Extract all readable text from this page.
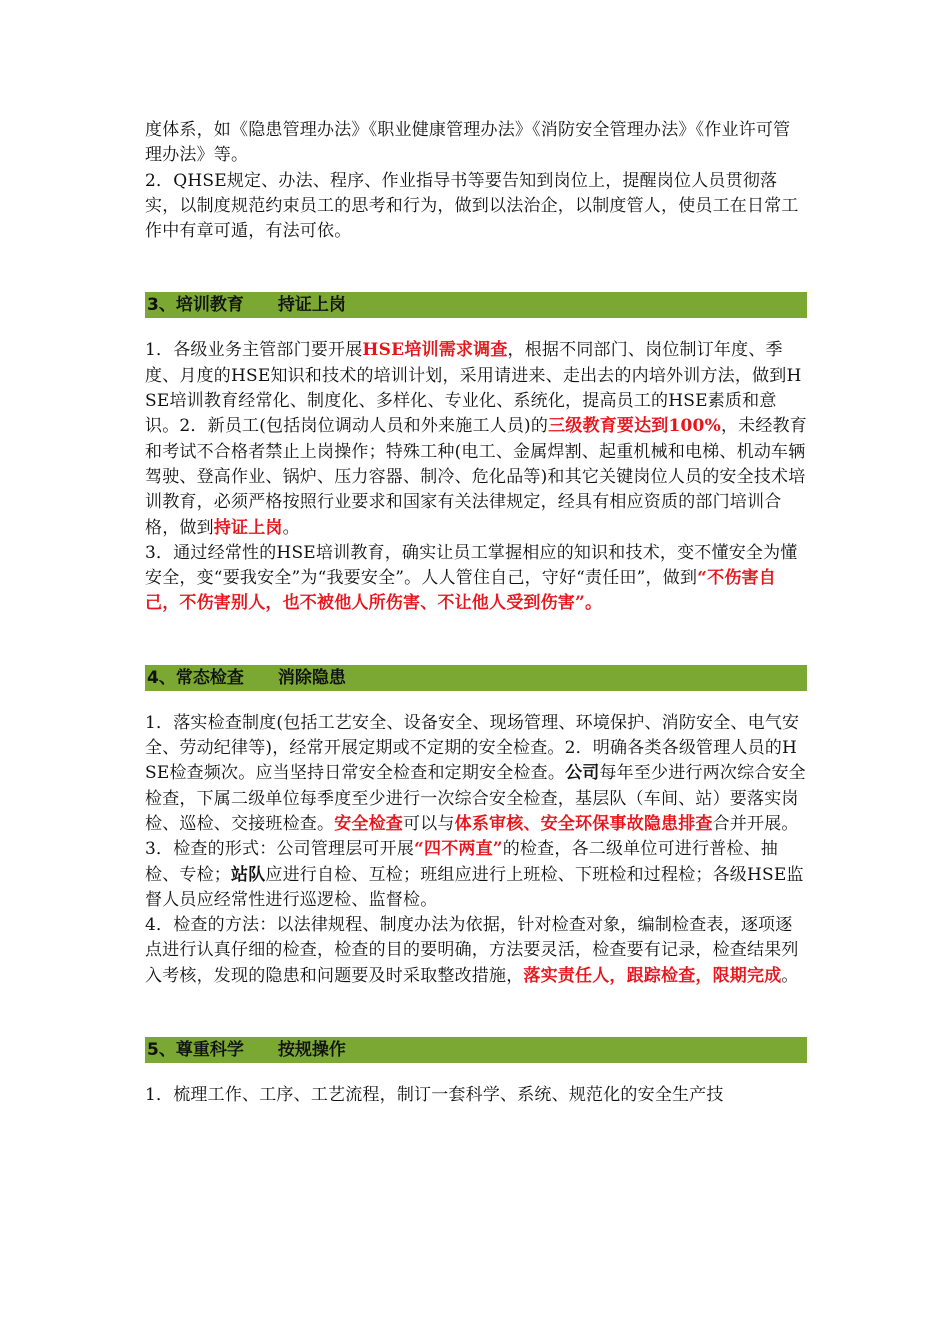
度体系，如《隐患管理办法》《职业健康管理办法》《消防安全管理办法》《作业许可管理办法》等。

2．QHSE规定、办法、程序、作业指导书等要告知到岗位上，提醒岗位人员贯彻落实，以制度规范约束员工的思考和行为，做到以法治企，以制度管人，使员工在日常工作中有章可遁，有法可依。

3、培训教育　　持证上岗

1．各级业务主管部门要开展HSE培训需求调查，根据不同部门、岗位制订年度、季度、月度的HSE知识和技术的培训计划，采用请进来、走出去的内培外训方法，做到HSE培训教育经常化、制度化、多样化、专业化、系统化，提高员工的HSE素质和意识。2．新员工(包括岗位调动人员和外来施工人员)的三级教育要达到100%，未经教育和考试不合格者禁止上岗操作；特殊工种(电工、金属焊割、起重机械和电梯、机动车辆驾驶、登高作业、锅炉、压力容器、制冷、危化品等)和其它关键岗位人员的安全技术培训教育，必须严格按照行业要求和国家有关法律规定，经具有相应资质的部门培训合格，做到持证上岗。

3．通过经常性的HSE培训教育，确实让员工掌握相应的知识和技术，变不懂安全为懂安全，变“要我安全”为“我要安全”。人人管住自己，守好“责任田”，做到“不伤害自己，不伤害别人，也不被他人所伤害、不让他人受到伤害”。

4、常态检查　　消除隐患

1．落实检查制度(包括工艺安全、设备安全、现场管理、环境保护、消防安全、电气安全、劳动纪律等)，经常开展定期或不定期的安全检查。2．明确各类各级管理人员的HSE检查频次。应当坚持日常安全检查和定期安全检查。公司每年至少进行两次综合安全检查，下属二级单位每季度至少进行一次综合安全检查，基层队（车间、站）要落实岗检、巡检、交接班检查。安全检查可以与体系审核、安全环保事故隐患排查合并开展。3．检查的形式：公司管理层可开展“四不两直”的检查，各二级单位可进行普检、抽检、专检；站队应进行自检、互检；班组应进行上班检、下班检和过程检；各级HSE监督人员应经常性进行巡逻检、监督检。

4．检查的方法：以法律规程、制度办法为依据，针对检查对象，编制检查表，逐项逐点进行认真仔细的检查，检查的目的要明确，方法要灵活，检查要有记录，检查结果列入考核，发现的隐患和问题要及时采取整改措施，落实责任人，跟踪检查，限期完成。

5、尊重科学　　按规操作

1．梳理工作、工序、工艺流程，制订一套科学、系统、规范化的安全生产技
